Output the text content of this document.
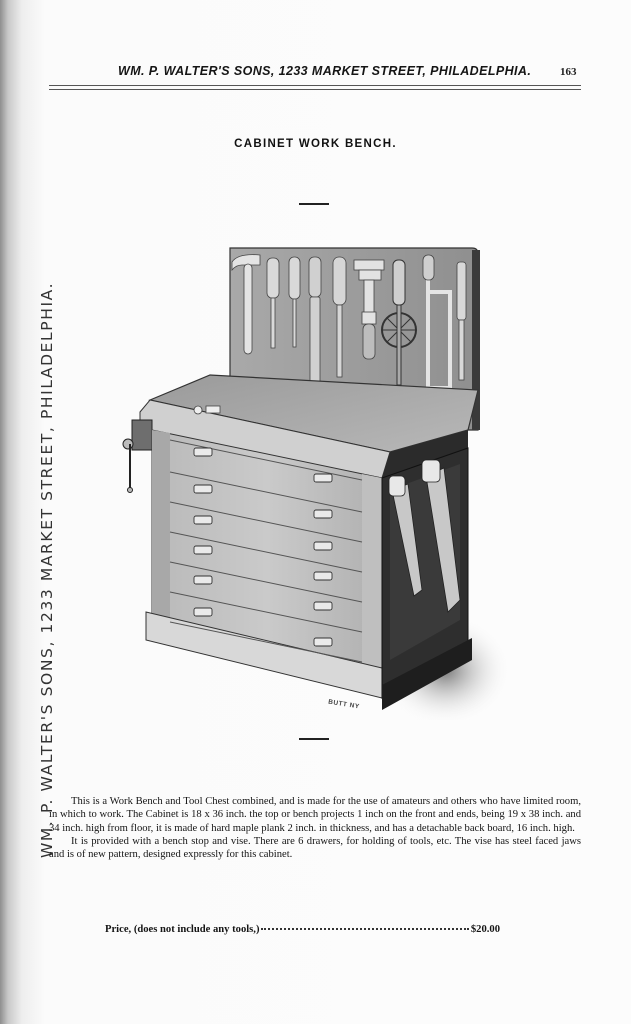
WM. P. WALTER'S SONS, 1233 MARKET STREET, PHILADELPHIA.	163
WM. P. WALTER'S SONS, 1233 MARKET STREET, PHILADELPHIA.
CABINET WORK BENCH.
BUTT NY

This is a Work Bench and Tool Chest combined, and is made for the use of amateurs and others who have limited room, in which to work. The Cabinet is 18 x 36 inch. the top or bench projects 1 inch on the front and ends, being 19 x 38 inch. and 34 inch. high from floor, it is made of hard maple plank 2 inch. in thickness, and has a detachable back board, 16 inch. high.

It is provided with a bench stop and vise. There are 6 drawers, for holding of tools, etc. The vise has steel faced jaws and is of new pattern, designed expressly for this cabinet.

Price, (does not include any tools,)	$20.00
